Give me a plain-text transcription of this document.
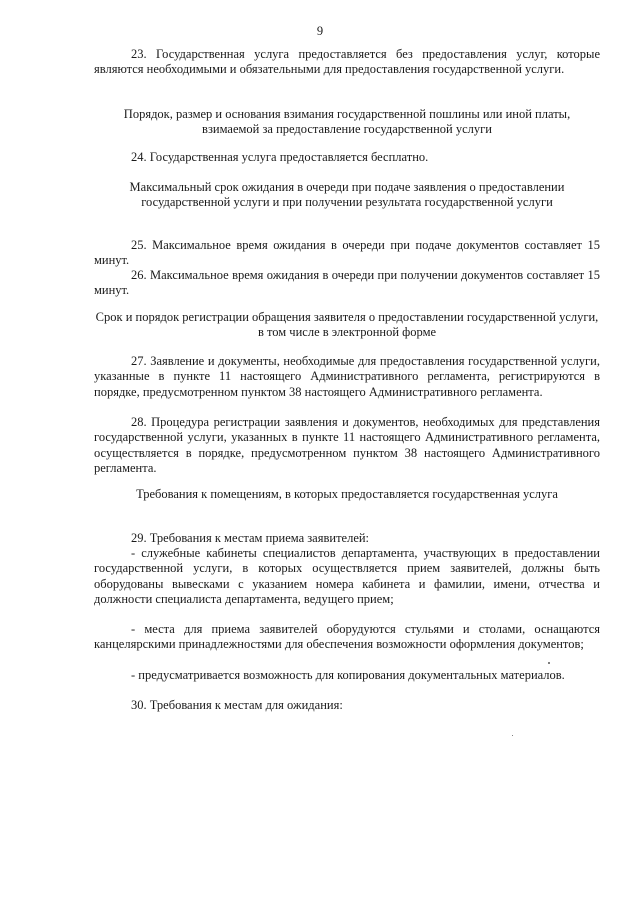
9
23. Государственная услуга предоставляется без предоставления услуг, которые являются необходимыми и обязательными для предоставления государственной услуги.
Порядок, размер и основания взимания государственной пошлины или иной платы, взимаемой за предоставление государственной услуги
24. Государственная услуга предоставляется бесплатно.
Максимальный срок ожидания в очереди при подаче заявления о предоставлении государственной услуги и при получении результата государственной услуги
25. Максимальное время ожидания в очереди при подаче документов составляет 15 минут.
26. Максимальное время ожидания в очереди при получении документов составляет 15 минут.
Срок и порядок регистрации обращения заявителя о предоставлении государственной услуги, в том числе в электронной форме
27. Заявление и документы, необходимые для предоставления государственной услуги, указанные в пункте 11 настоящего Административного регламента, регистрируются в порядке, предусмотренном пунктом 38 настоящего Административного регламента.
28. Процедура регистрации заявления и документов, необходимых для представления государственной услуги, указанных в пункте 11 настоящего Административного регламента, осуществляется в порядке, предусмотренном пунктом 38 настоящего Административного регламента.
Требования к помещениям, в которых предоставляется государственная услуга
29. Требования к местам приема заявителей:
- служебные кабинеты специалистов департамента, участвующих в предоставлении государственной услуги, в которых осуществляется прием заявителей, должны быть оборудованы вывесками с указанием номера кабинета и фамилии, имени, отчества и должности специалиста департамента, ведущего прием;
- места для приема заявителей оборудуются стульями и столами, оснащаются канцелярскими принадлежностями для обеспечения возможности оформления документов;
- предусматривается возможность для копирования документальных материалов.
30. Требования к местам для ожидания:
